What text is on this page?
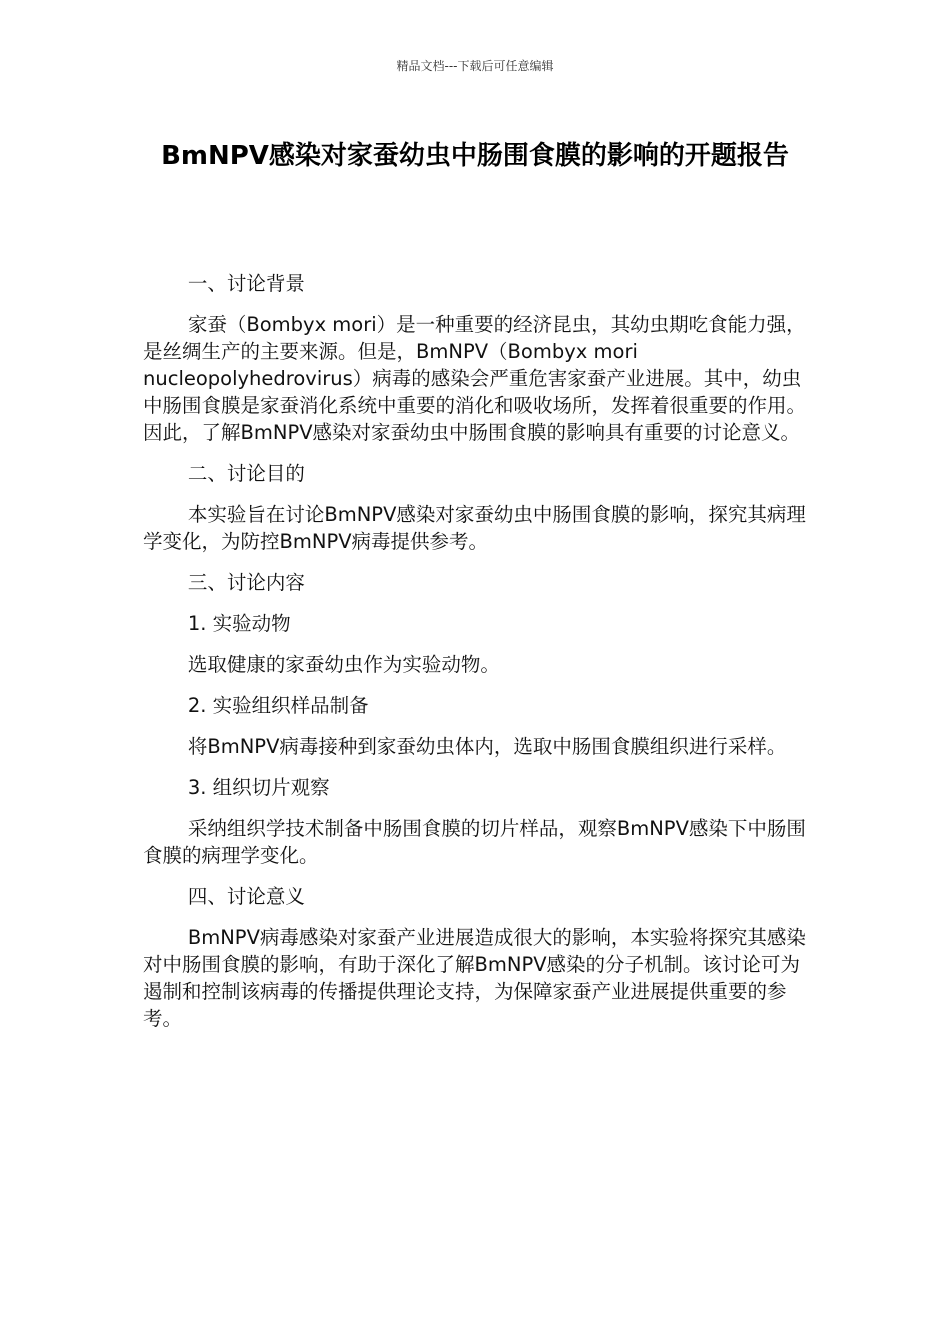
精品文档---下载后可任意编辑
BmNPV感染对家蚕幼虫中肠围食膜的影响的开题报告

一、讨论背景

家蚕（Bombyx mori）是一种重要的经济昆虫，其幼虫期吃食能力强，是丝绸生产的主要来源。但是，BmNPV（Bombyx mori nucleopolyhedrovirus）病毒的感染会严重危害家蚕产业进展。其中，幼虫中肠围食膜是家蚕消化系统中重要的消化和吸收场所，发挥着很重要的作用。因此，了解BmNPV感染对家蚕幼虫中肠围食膜的影响具有重要的讨论意义。

二、讨论目的

本实验旨在讨论BmNPV感染对家蚕幼虫中肠围食膜的影响，探究其病理学变化，为防控BmNPV病毒提供参考。

三、讨论内容

1. 实验动物

选取健康的家蚕幼虫作为实验动物。

2. 实验组织样品制备

将BmNPV病毒接种到家蚕幼虫体内，选取中肠围食膜组织进行采样。

3. 组织切片观察

采纳组织学技术制备中肠围食膜的切片样品，观察BmNPV感染下中肠围食膜的病理学变化。

四、讨论意义

BmNPV病毒感染对家蚕产业进展造成很大的影响，本实验将探究其感染对中肠围食膜的影响，有助于深化了解BmNPV感染的分子机制。该讨论可为遏制和控制该病毒的传播提供理论支持，为保障家蚕产业进展提供重要的参考。
